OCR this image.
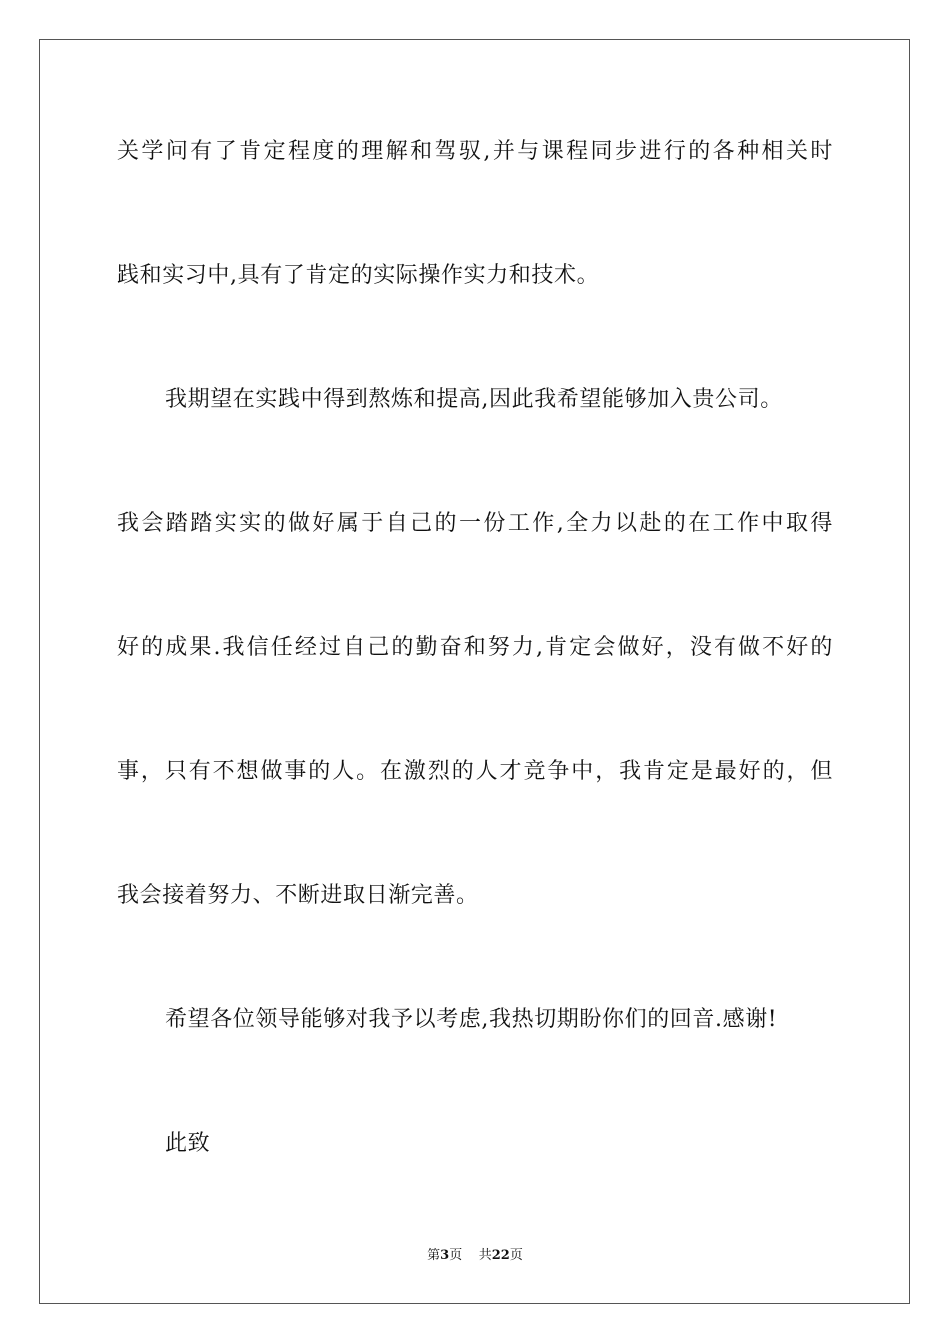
关学问有了肯定程度的理解和驾驭,并与课程同步进行的各种相关时
践和实习中,具有了肯定的实际操作实力和技术。
我期望在实践中得到熬炼和提高,因此我希望能够加入贵公司。
我会踏踏实实的做好属于自己的一份工作,全力以赴的在工作中取得
好的成果.我信任经过自己的勤奋和努力,肯定会做好，没有做不好的
事，只有不想做事的人。在激烈的人才竞争中，我肯定是最好的，但
我会接着努力、不断进取日渐完善。
希望各位领导能够对我予以考虑,我热切期盼你们的回音.感谢!
此致
第3页    共22页
